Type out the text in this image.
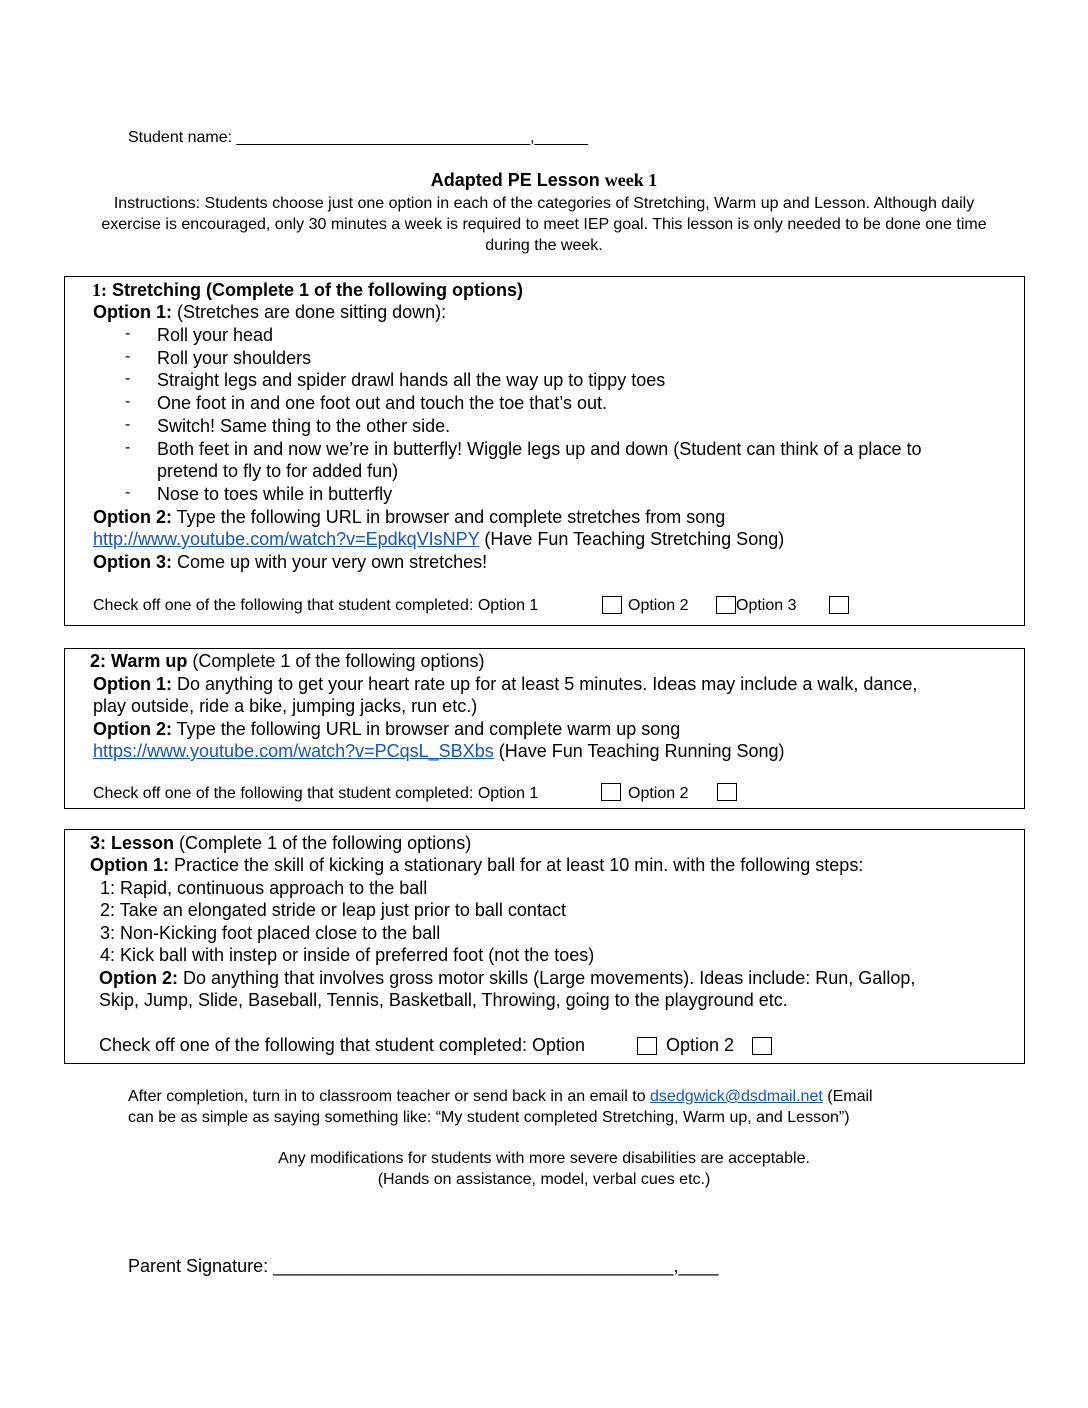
Student name: _________________________________,______
Adapted PE Lesson week 1
Instructions: Students choose just one option in each of the categories of Stretching, Warm up and Lesson. Although daily exercise is encouraged, only 30 minutes a week is required to meet IEP goal. This lesson is only needed to be done one time during the week.
1: Stretching (Complete 1 of the following options)
Option 1: (Stretches are done sitting down):
- Roll your head
- Roll your shoulders
- Straight legs and spider drawl hands all the way up to tippy toes
- One foot in and one foot out and touch the toe that’s out.
- Switch! Same thing to the other side.
- Both feet in and now we’re in butterfly! Wiggle legs up and down (Student can think of a place to
pretend to fly to for added fun)
- Nose to toes while in butterfly
Option 2: Type the following URL in browser and complete stretches from song
http://www.youtube.com/watch?v=EpdkqVIsNPY (Have Fun Teaching Stretching Song)
Option 3: Come up with your very own stretches!
Check off one of the following that student completed: Option 1	Option 2	Option 3
2: Warm up (Complete 1 of the following options)
Option 1: Do anything to get your heart rate up for at least 5 minutes. Ideas may include a walk, dance,
play outside, ride a bike, jumping jacks, run etc.)
Option 2: Type the following URL in browser and complete warm up song
https://www.youtube.com/watch?v=PCqsL_SBXbs (Have Fun Teaching Running Song)
Check off one of the following that student completed: Option 1	Option 2
3: Lesson (Complete 1 of the following options)
Option 1: Practice the skill of kicking a stationary ball for at least 10 min. with the following steps:
1: Rapid, continuous approach to the ball
2: Take an elongated stride or leap just prior to ball contact
3: Non-Kicking foot placed close to the ball
4: Kick ball with instep or inside of preferred foot (not the toes)
Option 2: Do anything that involves gross motor skills (Large movements). Ideas include: Run, Gallop,
Skip, Jump, Slide, Baseball, Tennis, Basketball, Throwing, going to the playground etc.
Check off one of the following that student completed: Option	Option 2
After completion, turn in to classroom teacher or send back in an email to dsedgwick@dsdmail.net (Email
can be as simple as saying something like: “My student completed Stretching, Warm up, and Lesson”)
Any modifications for students with more severe disabilities are acceptable.
(Hands on assistance, model, verbal cues etc.)
Parent Signature: ________________________________________,____
